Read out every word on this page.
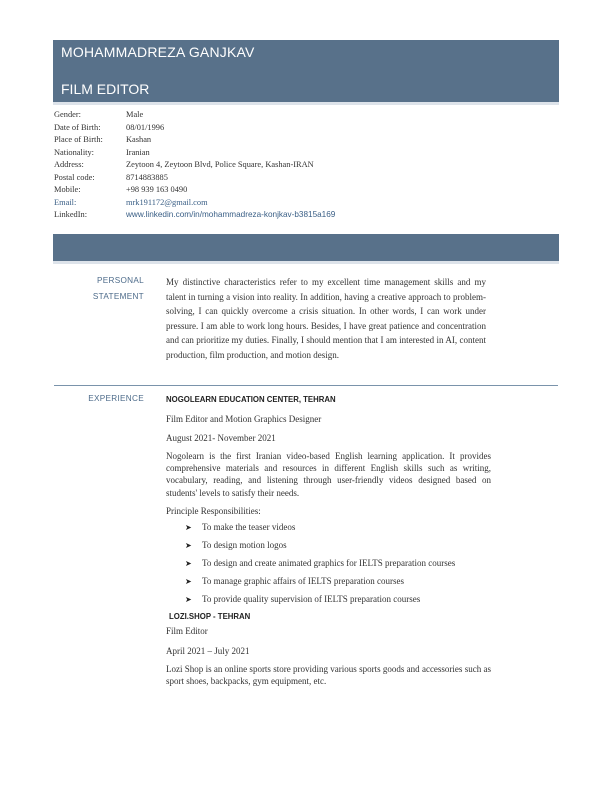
MOHAMMADREZA GANJKAV
FILM EDITOR
Gender:	Male
Date of Birth:	08/01/1996
Place of Birth:	Kashan
Nationality:	Iranian
Address:	Zeytoon 4, Zeytoon Blvd, Police Square, Kashan-IRAN
Postal code:	8714883885
Mobile:	+98 939 163 0490
Email:	mrk191172@gmail.com
LinkedIn:	www.linkedin.com/in/mohammadreza-konjkav-b3815a169
PERSONAL
STATEMENT
My distinctive characteristics refer to my excellent time management skills and my talent in turning a vision into reality. In addition, having a creative approach to problem-solving, I can quickly overcome a crisis situation. In other words, I can work under pressure. I am able to work long hours. Besides, I have great patience and concentration and can prioritize my duties. Finally, I should mention that I am interested in AI, content production, film production, and motion design.
EXPERIENCE	NOGOLEARN EDUCATION CENTER, TEHRAN
Film Editor and Motion Graphics Designer
August 2021- November 2021
Nogolearn is the first Iranian video-based English learning application. It provides comprehensive materials and resources in different English skills such as writing, vocabulary, reading, and listening through user-friendly videos designed based on students' levels to satisfy their needs.
Principle Responsibilities:
➤ To make the teaser videos
➤ To design motion logos
➤ To design and create animated graphics for IELTS preparation courses
➤ To manage graphic affairs of IELTS preparation courses
➤ To provide quality supervision of IELTS preparation courses
LOZI.SHOP - TEHRAN
Film Editor
April 2021 – July 2021
Lozi Shop is an online sports store providing various sports goods and accessories such as sport shoes, backpacks, gym equipment, etc.
